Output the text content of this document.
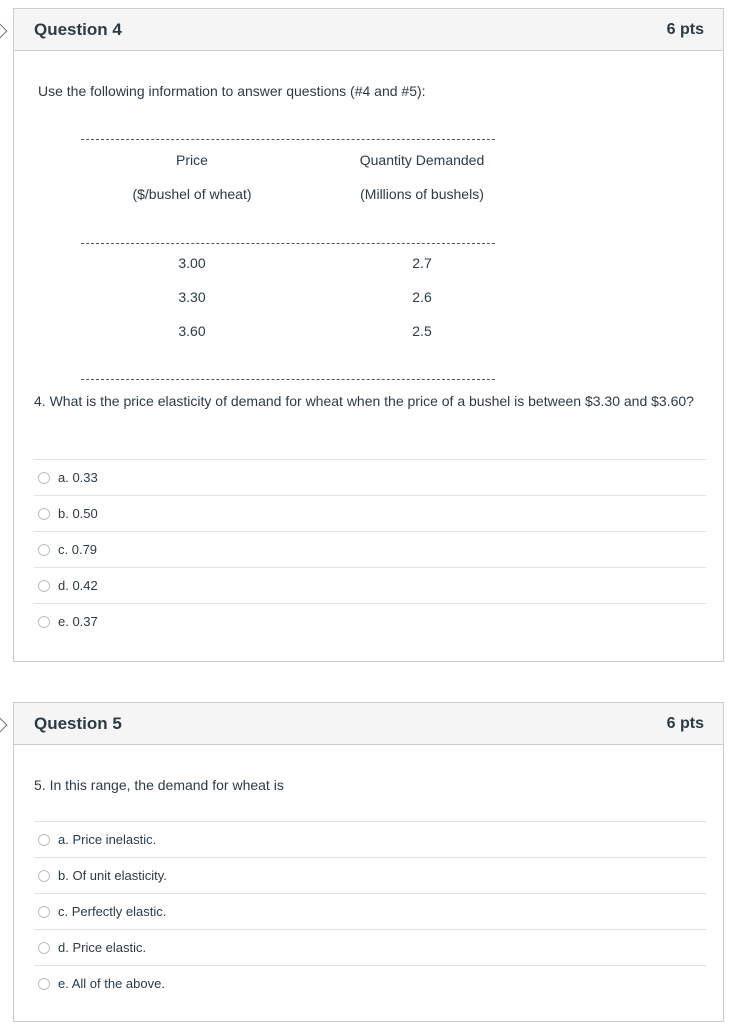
Question 4	6 pts
Use the following information to answer questions (#4 and #5):
Price	Quantity Demanded
($/bushel of wheat)	(Millions of bushels)
3.00	2.7
3.30	2.6
3.60	2.5
4. What is the price elasticity of demand for wheat when the price of a bushel is between $3.30 and $3.60?
a. 0.33
b. 0.50
c. 0.79
d. 0.42
e. 0.37
Question 5	6 pts
5. In this range, the demand for wheat is
a. Price inelastic.
b. Of unit elasticity.
c. Perfectly elastic.
d. Price elastic.
e. All of the above.
